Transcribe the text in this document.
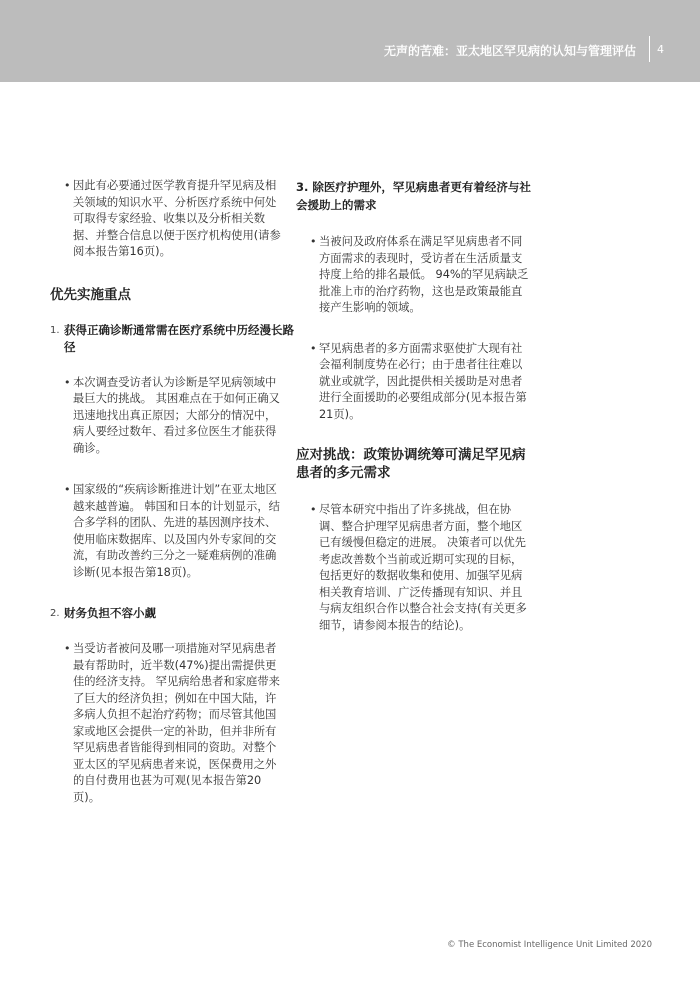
无声的苦难：亚太地区罕见病的认知与管理评估 4
• 因此有必要通过医学教育提升罕见病及相关领域的知识水平、分析医疗系统中何处可取得专家经验、收集以及分析相关数据、并整合信息以便于医疗机构使用(请参阅本报告第16页)。
优先实施重点
1. 获得正确诊断通常需在医疗系统中历经漫长路径
• 本次调查受访者认为诊断是罕见病领域中最巨大的挑战。 其困难点在于如何正确又迅速地找出真正原因；大部分的情况中，病人要经过数年、看过多位医生才能获得确诊。
• 国家级的“疾病诊断推进计划”在亚太地区越来越普遍。 韩国和日本的计划显示，结合多学科的团队、先进的基因测序技术、使用临床数据库、以及国内外专家间的交流，有助改善约三分之一疑难病例的准确诊断(见本报告第18页)。
2. 财务负担不容小觑
• 当受访者被问及哪一项措施对罕见病患者最有帮助时，近半数(47%)提出需提供更佳的经济支持。 罕见病给患者和家庭带来了巨大的经济负担；例如在中国大陆，许多病人负担不起治疗药物；而尽管其他国家或地区会提供一定的补助，但并非所有罕见病患者皆能得到相同的资助。对整个亚太区的罕见病患者来说，医保费用之外的自付费用也甚为可观(见本报告第20页)。
3. 除医疗护理外，罕见病患者更有着经济与社会援助上的需求
• 当被问及政府体系在满足罕见病患者不同方面需求的表现时，受访者在生活质量支持度上给的排名最低。 94%的罕见病缺乏批准上市的治疗药物，这也是政策最能直接产生影响的领域。
• 罕见病患者的多方面需求驱使扩大现有社会福利制度势在必行；由于患者往往难以就业或就学，因此提供相关援助是对患者进行全面援助的必要组成部分(见本报告第21页)。
应对挑战：政策协调统筹可满足罕见病患者的多元需求
• 尽管本研究中指出了许多挑战，但在协调、整合护理罕见病患者方面，整个地区已有缓慢但稳定的进展。 决策者可以优先考虑改善数个当前或近期可实现的目标，包括更好的数据收集和使用、加强罕见病相关教育培训、广泛传播现有知识、并且与病友组织合作以整合社会支持(有关更多细节，请参阅本报告的结论)。
© The Economist Intelligence Unit Limited 2020
